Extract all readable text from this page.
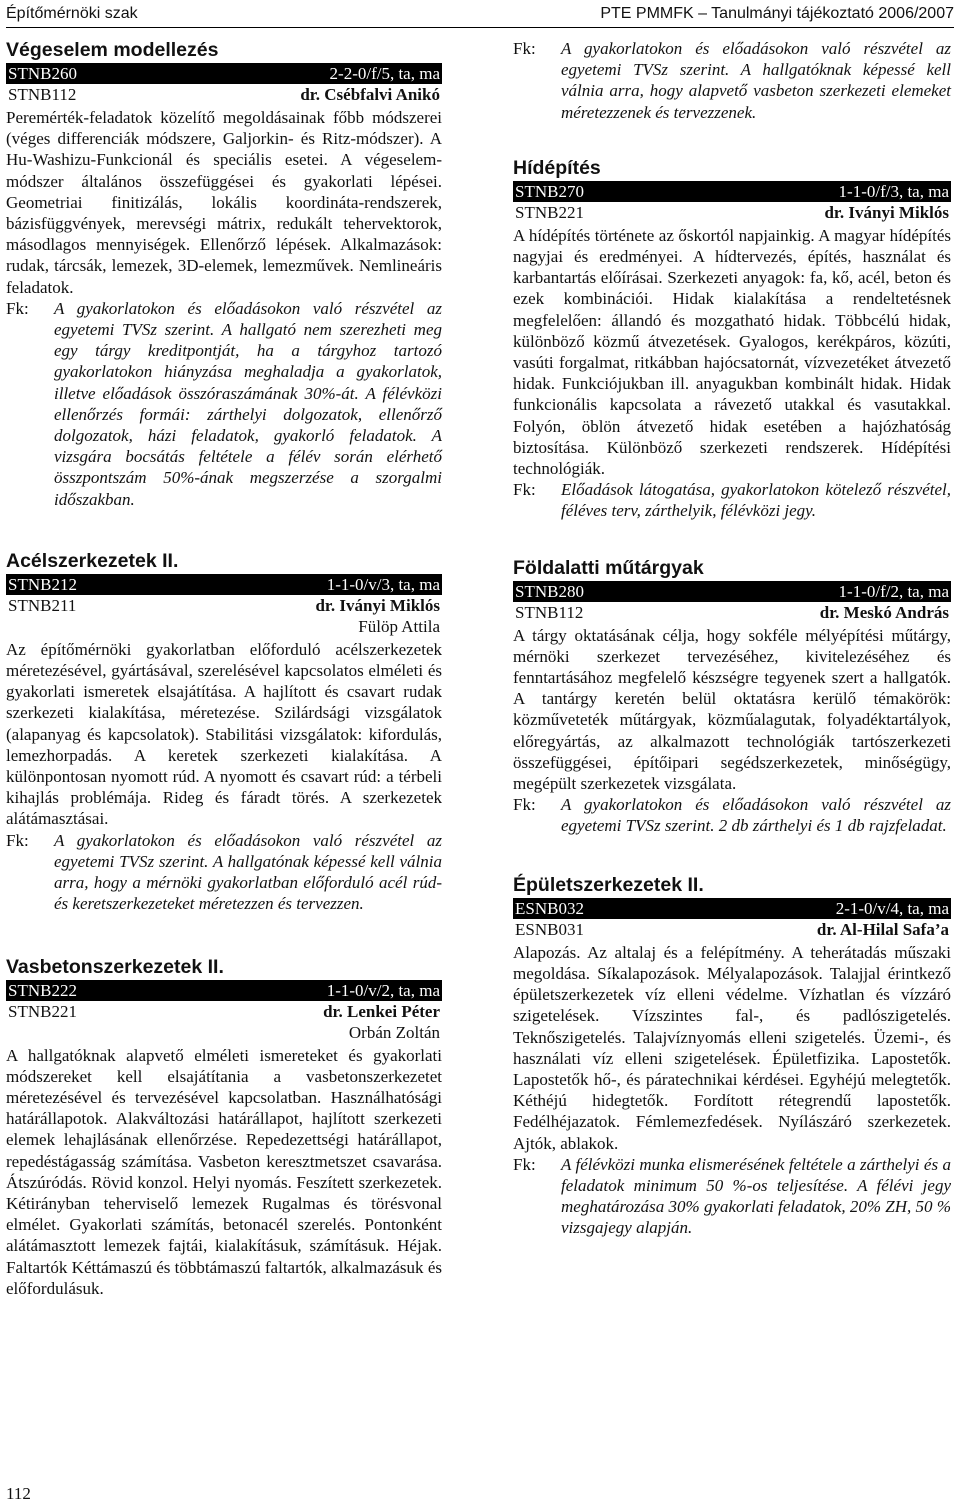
Építőmérnöki szak	PTE PMMFK – Tanulmányi tájékoztató 2006/2007
Végeselem modellezés
STNB260	2-2-0/f/5, ta, ma
STNB112	dr. Csébfalvi Anikó

Peremérték-feladatok közelítő megoldásainak főbb módszerei (véges differenciák módszere, Galjorkin- és Ritz-módszer). A Hu-Washizu-Funkcionál és speciális esetei. A végeselem-módszer általános összefüggései és gyakorlati lépései. Geometriai finitizálás, lokális koordináta-rendszerek, bázisfüggvények, merevségi mátrix, redukált tehervektorok, másodlagos mennyiségek. Ellenőrző lépések. Alkalmazások: rudak, tárcsák, lemezek, 3D-elemek, lemezművek. Nemlineáris feladatok.

Fk:	A gyakorlatokon és előadásokon való részvétel az egyetemi TVSz szerint. A hallgató nem szerezheti meg egy tárgy kreditpontját, ha a tárgyhoz tartozó gyakorlatokon hiányzása meghaladja a gyakorlatok, illetve előadások összóraszámának 30%-át. A félévközi ellenőrzés formái: zárthelyi dolgozatok, ellenőrző dolgozatok, házi feladatok, gyakorló feladatok. A vizsgára bocsátás feltétele a félév során elérhető összpontszám 50%-ának megszerzése a szorgalmi időszakban.
Acélszerkezetek II.
STNB212	1-1-0/v/3, ta, ma
STNB211	dr. Iványi Miklós
Fülöp Attila

Az építőmérnöki gyakorlatban előforduló acélszerkezetek méretezésével, gyártásával, szerelésével kapcsolatos elméleti és gyakorlati ismeretek elsajátítása. A hajlított és csavart rudak szerkezeti kialakítása, méretezése. Szilárdsági vizsgálatok (alapanyag és kapcsolatok). Stabilitási vizsgálatok: kifordulás, lemezhorpadás. A keretek szerkezeti kialakítása. A különpontosan nyomott rúd. A nyomott és csavart rúd: a térbeli kihajlás problémája. Rideg és fáradt törés. A szerkezetek alátámasztásai.

Fk:	A gyakorlatokon és előadásokon való részvétel az egyetemi TVSz szerint. A hallgatónak képessé kell válnia arra, hogy a mérnöki gyakorlatban előforduló acél rúd- és keretszerkezeteket méretezzen és tervezzen.
Vasbetonszerkezetek II.
STNB222	1-1-0/v/2, ta, ma
STNB221	dr. Lenkei Péter
Orbán Zoltán

A hallgatóknak alapvető elméleti ismereteket és gyakorlati módszereket kell elsajátítania a vasbetonszerkezetet méretezésével és tervezésével kapcsolatban. Használhatósági határállapotok. Alakváltozási határállapot, hajlított szerkezeti elemek lehajlásának ellenőrzése. Repedezettségi határállapot, repedéstágasság számítása. Vasbeton keresztmetszet csavarása. Átszúródás. Rövid konzol. Helyi nyomás. Feszített szerkezetek. Kétirányban teherviselő lemezek Rugalmas és törésvonal elmélet. Gyakorlati számítás, betonacél szerelés. Pontonként alátámasztott lemezek fajtái, kialakításuk, számításuk. Héjak. Faltartók Kéttámaszú és többtámaszú faltartók, alkalmazásuk és előfordulásuk.

Fk:	A gyakorlatokon és előadásokon való részvétel az egyetemi TVSz szerint. A hallgatóknak képessé kell válnia arra, hogy alapvető vasbeton szerkezeti elemeket méretezzenek és tervezzenek.
Hídépítés
STNB270	1-1-0/f/3, ta, ma
STNB221	dr. Iványi Miklós

A hídépítés története az őskortól napjainkig. A magyar hídépítés nagyjai és eredményei. A hídtervezés, építés, használat és karbantartás előírásai. Szerkezeti anyagok: fa, kő, acél, beton és ezek kombinációi. Hidak kialakítása a rendeltetésnek megfelelően: állandó és mozgatható hidak. Többcélú hidak, különböző közmű átvezetések. Gyalogos, kerékpáros, közúti, vasúti forgalmat, ritkábban hajócsatornát, vízvezetéket átvezető hidak. Funkciójukban ill. anyagukban kombinált hidak. Hidak funkcionális kapcsolata a rávezető utakkal és vasutakkal. Folyón, öblön átvezető hidak esetében a hajózhatóság biztosítása. Különböző szerkezeti rendszerek. Hídépítési technológiák.

Fk:	Előadások látogatása, gyakorlatokon kötelező részvétel, féléves terv, zárthelyik, félévközi jegy.
Földalatti műtárgyak
STNB280	1-1-0/f/2, ta, ma
STNB112	dr. Meskó András

A tárgy oktatásának célja, hogy sokféle mélyépítési műtárgy, mérnöki szerkezet tervezéséhez, kivitelezéséhez és fenntartásához megfelelő készségre tegyenek szert a hallgatók. A tantárgy keretén belül oktatásra kerülő témakörök: közműveteték műtárgyak, közműalagutak, folyadéktartályok, előregyártás, az alkalmazott technológiák tartószerkezeti összefüggései, építőipari segédszerkezetek, minőségügy, megépült szerkezetek vizsgálata.

Fk:	A gyakorlatokon és előadásokon való részvétel az egyetemi TVSz szerint. 2 db zárthelyi és 1 db rajzfeladat.
Épületszerkezetek II.
ESNB032	2-1-0/v/4, ta, ma
ESNB031	dr. Al-Hilal Safa’a

Alapozás. Az altalaj és a felépítmény. A teherátadás műszaki megoldása. Síkalapozások. Mélyalapozások. Talajjal érintkező épületszerkezetek víz elleni védelme. Vízhatlan és vízzáró szigetelések. Vízszintes fal-, és padlószigetelés. Teknőszigetelés. Talajvíznyomás elleni szigetelés. Üzemi-, és használati víz elleni szigetelések. Épületfizika. Lapostetők. Lapostetők hő-, és páratechnikai kérdései. Egyhéjú melegtetők. Kéthéjú hidegtetők. Fordított rétegrendű lapostetők. Fedélhéjazatok. Fémlemezfedések. Nyílászáró szerkezetek. Ajtók, ablakok.

Fk:	A félévközi munka elismerésének feltétele a zárthelyi és a feladatok minimum 50 %-os teljesítése. A félévi jegy meghatározása 30% gyakorlati feladatok, 20% ZH, 50 % vizsgajegy alapján.
112
